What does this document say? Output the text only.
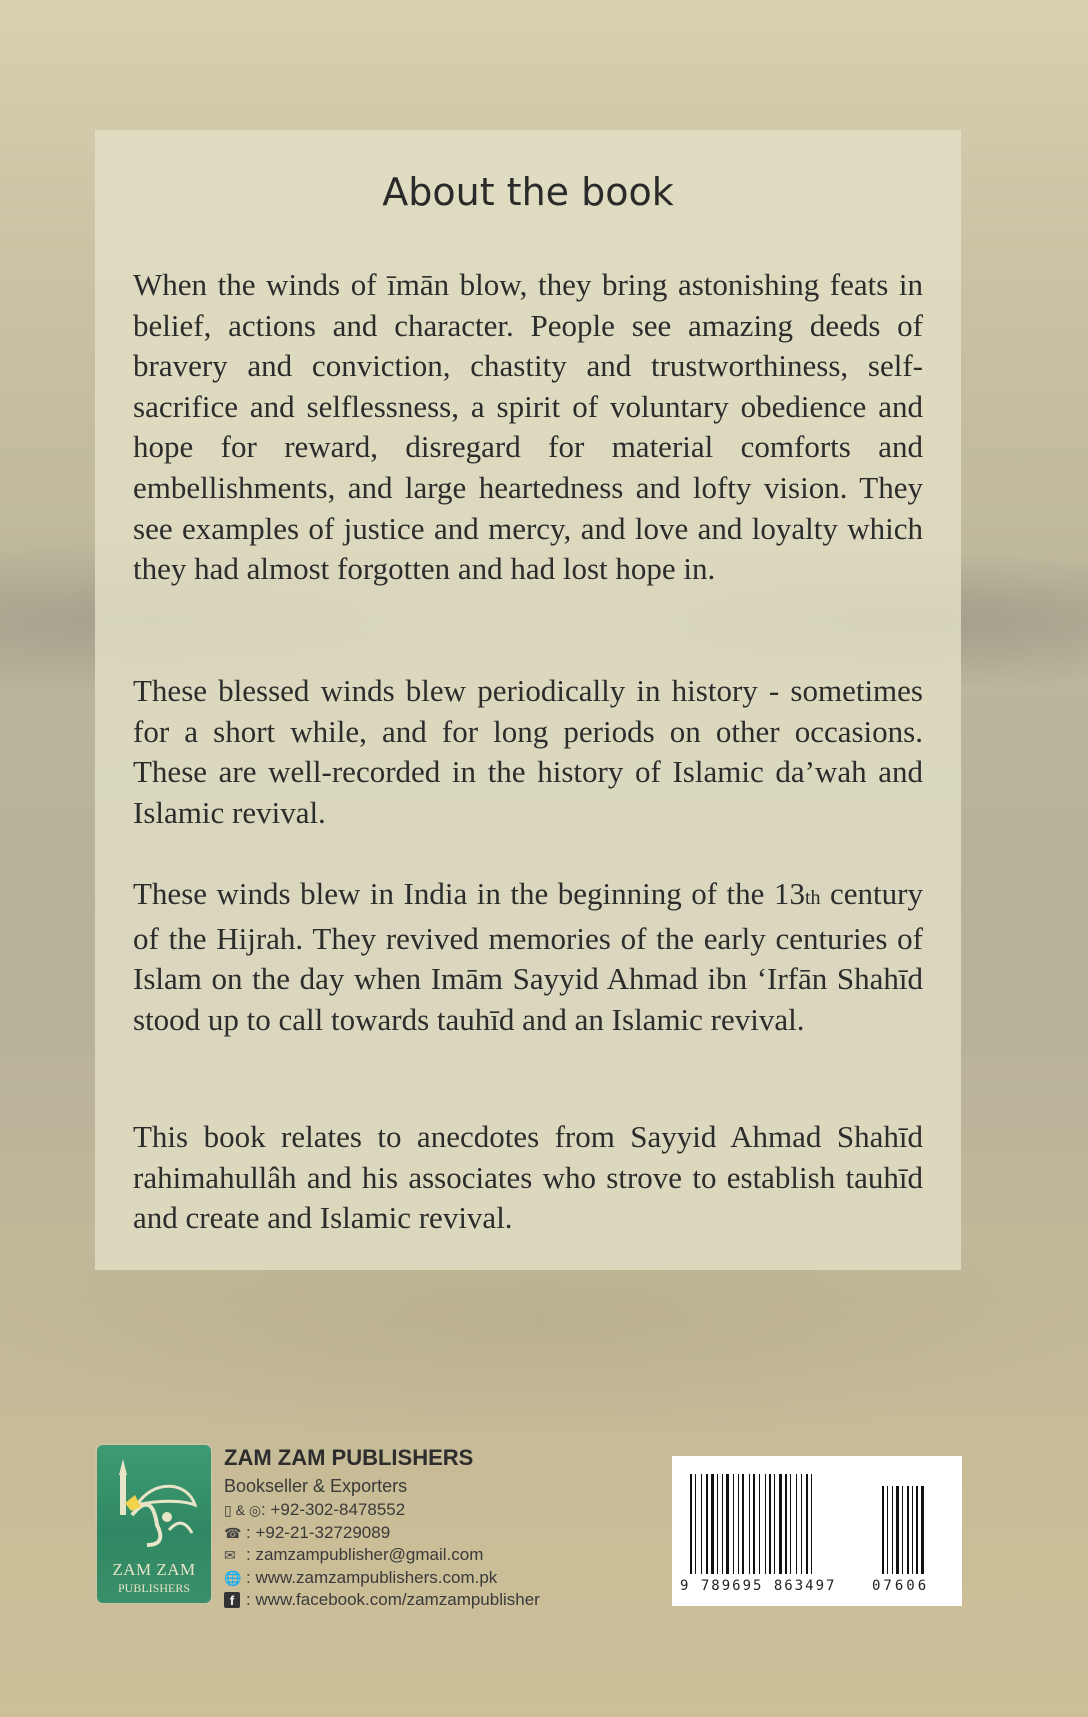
About the book

When the winds of īmān blow, they bring astonishing feats in belief, actions and character. People see amazing deeds of bravery and conviction, chastity and trustworthiness, self-sacrifice and selflessness, a spirit of voluntary obedience and hope for reward, disregard for material comforts and embellishments, and large heartedness and lofty vision. They see examples of justice and mercy, and love and loyalty which they had almost forgotten and had lost hope in.

These blessed winds blew periodically in history - sometimes for a short while, and for long periods on other occasions. These are well-recorded in the history of Islamic da’wah and Islamic revival.

These winds blew in India in the beginning of the 13th century of the Hijrah. They revived memories of the early centuries of Islam on the day when Imām Sayyid Ahmad ibn ‘Irfān Shahīd stood up to call towards tauhīd and an Islamic revival.

This book relates to anecdotes from Sayyid Ahmad Shahīd rahimahullâh and his associates who strove to establish tauhīd and create and Islamic revival.

ZAM ZAM
PUBLISHERS
ZAM ZAM PUBLISHERS
Bookseller & Exporters
▯ & ◎ : +92-302-8478552
☎ : +92-21-32729089
✉ : zamzampublisher@gmail.com
🌐 : www.zamzampublishers.com.pk
f : www.facebook.com/zamzampublisher
9 789695 863497	07606
